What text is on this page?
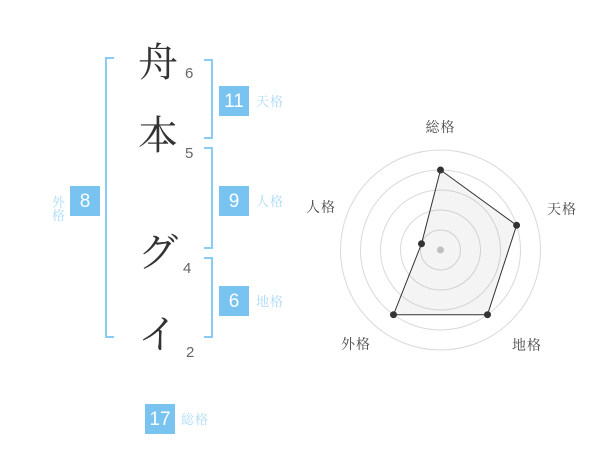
舟
本
グ
イ
6
5
4
2
外格
8
11 天格
9	人格
6	地格
17 総格
総格
天格
地格
外格
人格
